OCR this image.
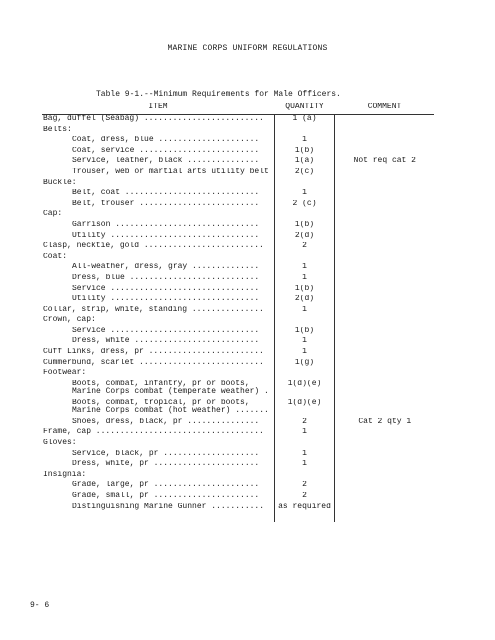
MARINE CORPS UNIFORM REGULATIONS
Table 9-1.--Minimum Requirements for Male Officers.
ITEM	QUANTITY	COMMENT
Bag, duffel (Seabag) .........................	1 (a)	
Belts:		
Coat, dress, blue .....................	1	
Coat, service .........................	1(b)	
Service, leather, black ...............	1(a)	Not req cat 2
Trouser, web or martial arts utility belt	2(c)	
Buckle:		
Belt, coat ............................	1	
Belt, trouser .........................	2 (c)	
Cap:		
Garrison ..............................	1(b)	
Utility ...............................	2(d)	
Clasp, necktie, gold .........................	2	
Coat:		
All-weather, dress, gray ..............	1	
Dress, blue ...........................	1	
Service ...............................	1(b)	
Utility ...............................	2(d)	
Collar, strip, white, standing ...............	1	
Crown, cap:		
Service ...............................	1(b)	
Dress, white ..........................	1	
Cuff Links, dress, pr ........................	1	
Cummerbund, scarlet ..........................	1(g)	
Footwear:		
Boots, combat, infantry, pr or boots, Marine Corps combat (temperate weather) .	1(d)(e)	
Boots, combat, tropical, pr or boots, Marine Corps combat (hot weather) .......	1(d)(e)	
Shoes, dress, black, pr ...............	2	Cat 2 qty 1
Frame, cap ...................................	1	
Gloves:		
Service, black, pr ....................	1	
Dress, white, pr ......................	1	
Insignia:		
Grade, large, pr ......................	2	
Grade, small, pr ......................	2	
Distinguishing Marine Gunner ...........	as required	
9- 6
